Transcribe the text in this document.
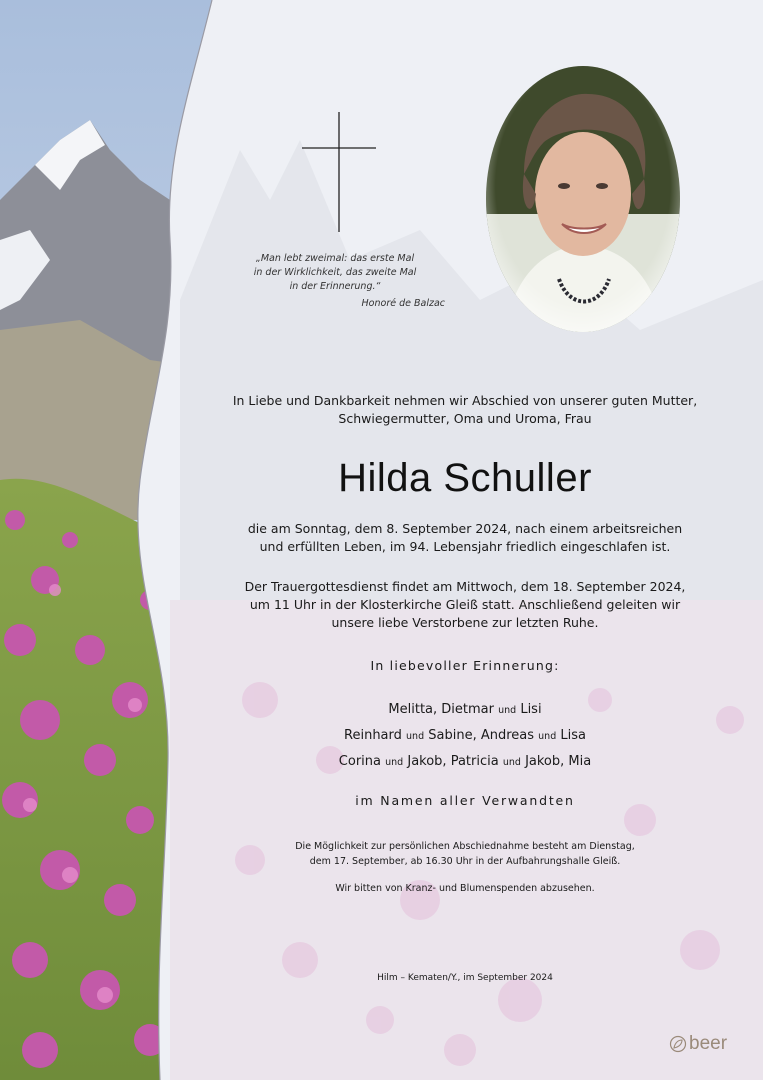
„Man lebt zweimal: das erste Mal
in der Wirklichkeit, das zweite Mal
in der Erinnerung.“
Honoré de Balzac
In Liebe und Dankbarkeit nehmen wir Abschied von unserer guten Mutter,
Schwiegermutter, Oma und Uroma, Frau
Hilda Schuller
die am Sonntag, dem 8. September 2024, nach einem arbeitsreichen
und erfüllten Leben, im 94. Lebensjahr friedlich eingeschlafen ist.
Der Trauergottesdienst findet am Mittwoch, dem 18. September 2024,
um 11 Uhr in der Klosterkirche Gleiß statt. Anschließend geleiten wir
unsere liebe Verstorbene zur letzten Ruhe.
In liebevoller Erinnerung:
Melitta, Dietmar und Lisi
Reinhard und Sabine, Andreas und Lisa
Corina und Jakob, Patricia und Jakob, Mia
im Namen aller Verwandten
Die Möglichkeit zur persönlichen Abschiednahme besteht am Dienstag,
dem 17. September, ab 16.30 Uhr in der Aufbahrungshalle Gleiß.
Wir bitten von Kranz- und Blumenspenden abzusehen.
Hilm – Kematen/Y., im September 2024
beer
